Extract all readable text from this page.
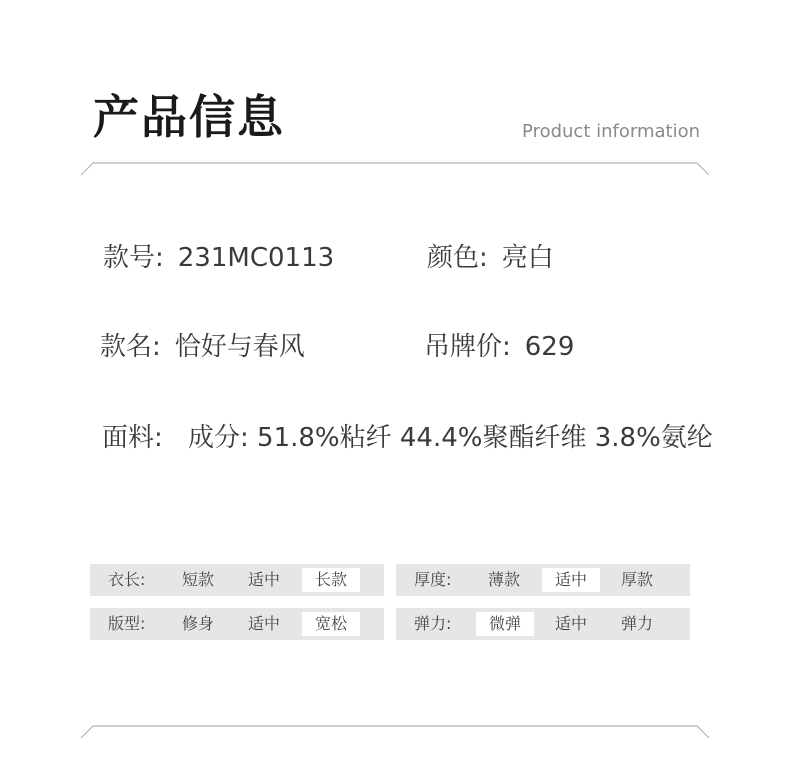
产品信息	Product information
款号: 231MC0113	颜色: 亮白
款名: 恰好与春风	吊牌价: 629
面料: 成分: 51.8%粘纤 44.4%聚酯纤维 3.8%氨纶
衣长:	短款	适中	长款	厚度:	薄款	适中	厚款
版型:	修身	适中	宽松	弹力:	微弹	适中	弹力
